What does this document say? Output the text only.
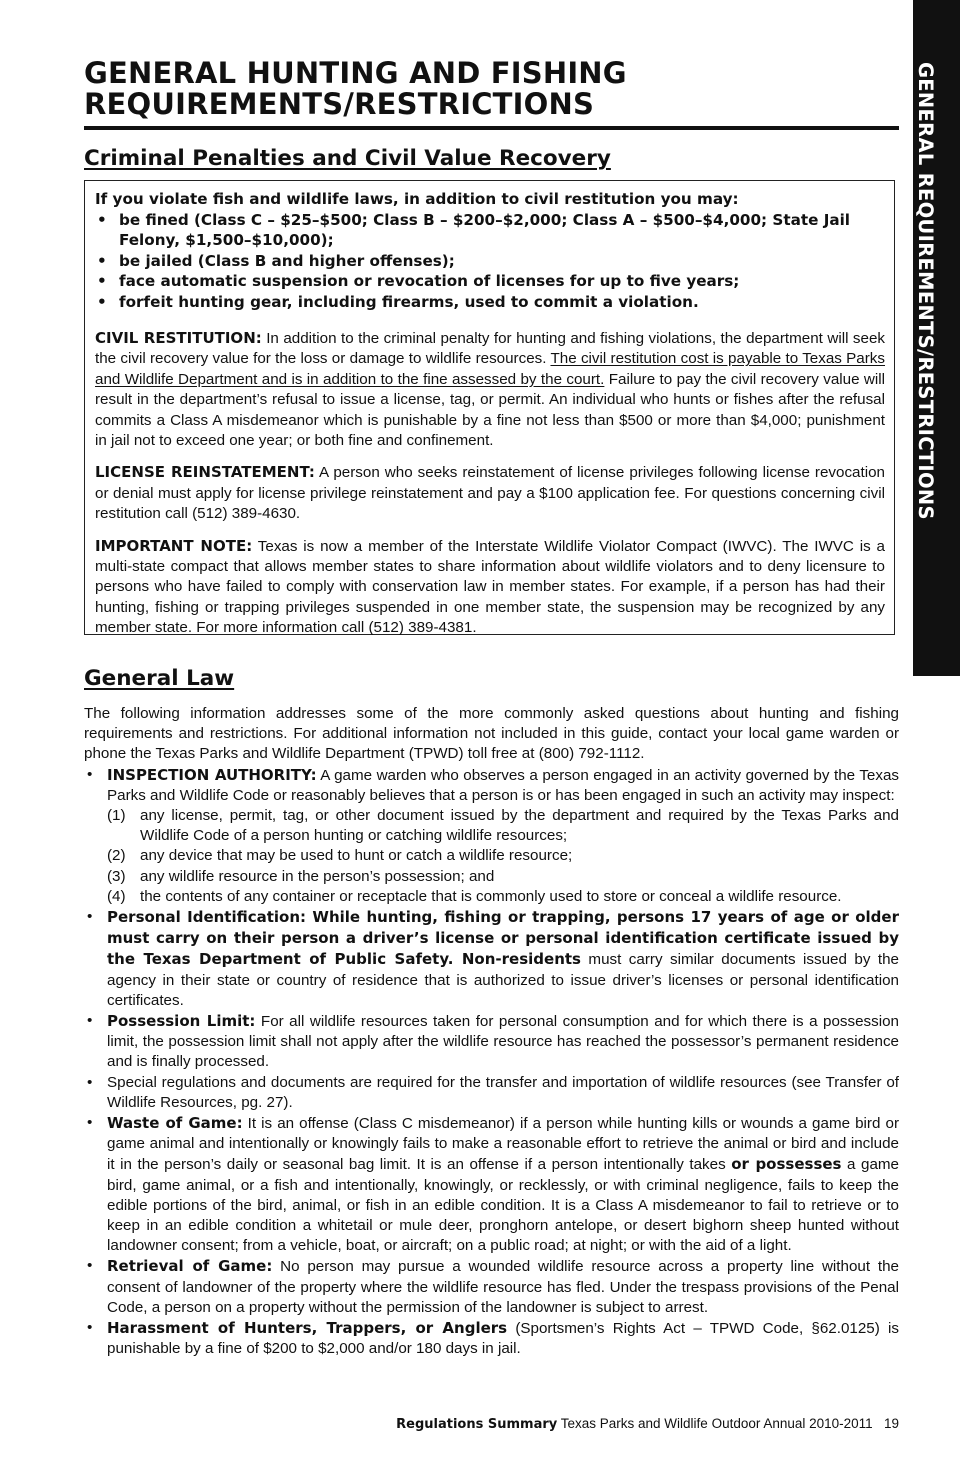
GENERAL HUNTING AND FISHING REQUIREMENTS/RESTRICTIONS	GENERAL REQUIREMENTS/RESTRICTIONS
Criminal Penalties and Civil Value Recovery

If you violate fish and wildlife laws, in addition to civil restitution you may:

• be fined (Class C – $25–$500; Class B – $200–$2,000; Class A – $500–$4,000; State Jail Felony, $1,500–$10,000);
• be jailed (Class B and higher offenses);
• face automatic suspension or revocation of licenses for up to five years;
• forfeit hunting gear, including firearms, used to commit a violation.

CIVIL RESTITUTION: In addition to the criminal penalty for hunting and fishing violations, the department will seek the civil recovery value for the loss or damage to wildlife resources. The civil restitution cost is payable to Texas Parks and Wildlife Department and is in addition to the fine assessed by the court. Failure to pay the civil recovery value will result in the department’s refusal to issue a license, tag, or permit. An individual who hunts or fishes after the refusal commits a Class A misdemeanor which is punishable by a fine not less than $500 or more than $4,000; punishment in jail not to exceed one year; or both fine and confinement.

LICENSE REINSTATEMENT: A person who seeks reinstatement of license privileges following license revocation or denial must apply for license privilege reinstatement and pay a $100 application fee. For questions concerning civil restitution call (512) 389-4630.

IMPORTANT NOTE: Texas is now a member of the Interstate Wildlife Violator Compact (IWVC). The IWVC is a multi-state compact that allows member states to share information about wildlife violators and to deny licensure to persons who have failed to comply with conservation law in member states. For example, if a person has had their hunting, fishing or trapping privileges suspended in one member state, the suspension may be recognized by any member state. For more information call (512) 389-4381.

General Law

The following information addresses some of the more commonly asked questions about hunting and fishing requirements and restrictions. For additional information not included in this guide, contact your local game warden or phone the Texas Parks and Wildlife Department (TPWD) toll free at (800) 792-1112.

• INSPECTION AUTHORITY: A game warden who observes a person engaged in an activity governed by the Texas Parks and Wildlife Code or reasonably believes that a person is or has been engaged in such an activity may inspect:
(1) any license, permit, tag, or other document issued by the department and required by the Texas Parks and Wildlife Code of a person hunting or catching wildlife resources;
(2) any device that may be used to hunt or catch a wildlife resource;
(3) any wildlife resource in the person’s possession; and
(4) the contents of any container or receptacle that is commonly used to store or conceal a wildlife resource.
• Personal Identification: While hunting, fishing or trapping, persons 17 years of age or older must carry on their person a driver’s license or personal identification certificate issued by the Texas Department of Public Safety. Non-residents must carry similar documents issued by the agency in their state or country of residence that is authorized to issue driver’s licenses or personal identification certificates.
• Possession Limit: For all wildlife resources taken for personal consumption and for which there is a possession limit, the possession limit shall not apply after the wildlife resource has reached the possessor’s permanent residence and is finally processed.
• Special regulations and documents are required for the transfer and importation of wildlife resources (see Transfer of Wildlife Resources, pg. 27).
• Waste of Game: It is an offense (Class C misdemeanor) if a person while hunting kills or wounds a game bird or game animal and intentionally or knowingly fails to make a reasonable effort to retrieve the animal or bird and include it in the person’s daily or seasonal bag limit. It is an offense if a person intentionally takes or possesses a game bird, game animal, or a fish and intentionally, knowingly, or recklessly, or with criminal negligence, fails to keep the edible portions of the bird, animal, or fish in an edible condition. It is a Class A misdemeanor to fail to retrieve or to keep in an edible condition a whitetail or mule deer, pronghorn antelope, or desert bighorn sheep hunted without landowner consent; from a vehicle, boat, or aircraft; on a public road; at night; or with the aid of a light.
• Retrieval of Game: No person may pursue a wounded wildlife resource across a property line without the consent of landowner of the property where the wildlife resource has fled. Under the trespass provisions of the Penal Code, a person on a property without the permission of the landowner is subject to arrest.
• Harassment of Hunters, Trappers, or Anglers (Sportsmen’s Rights Act – TPWD Code, §62.0125) is punishable by a fine of $200 to $2,000 and/or 180 days in jail.
Regulations Summary Texas Parks and Wildlife Outdoor Annual 2010-2011 19
